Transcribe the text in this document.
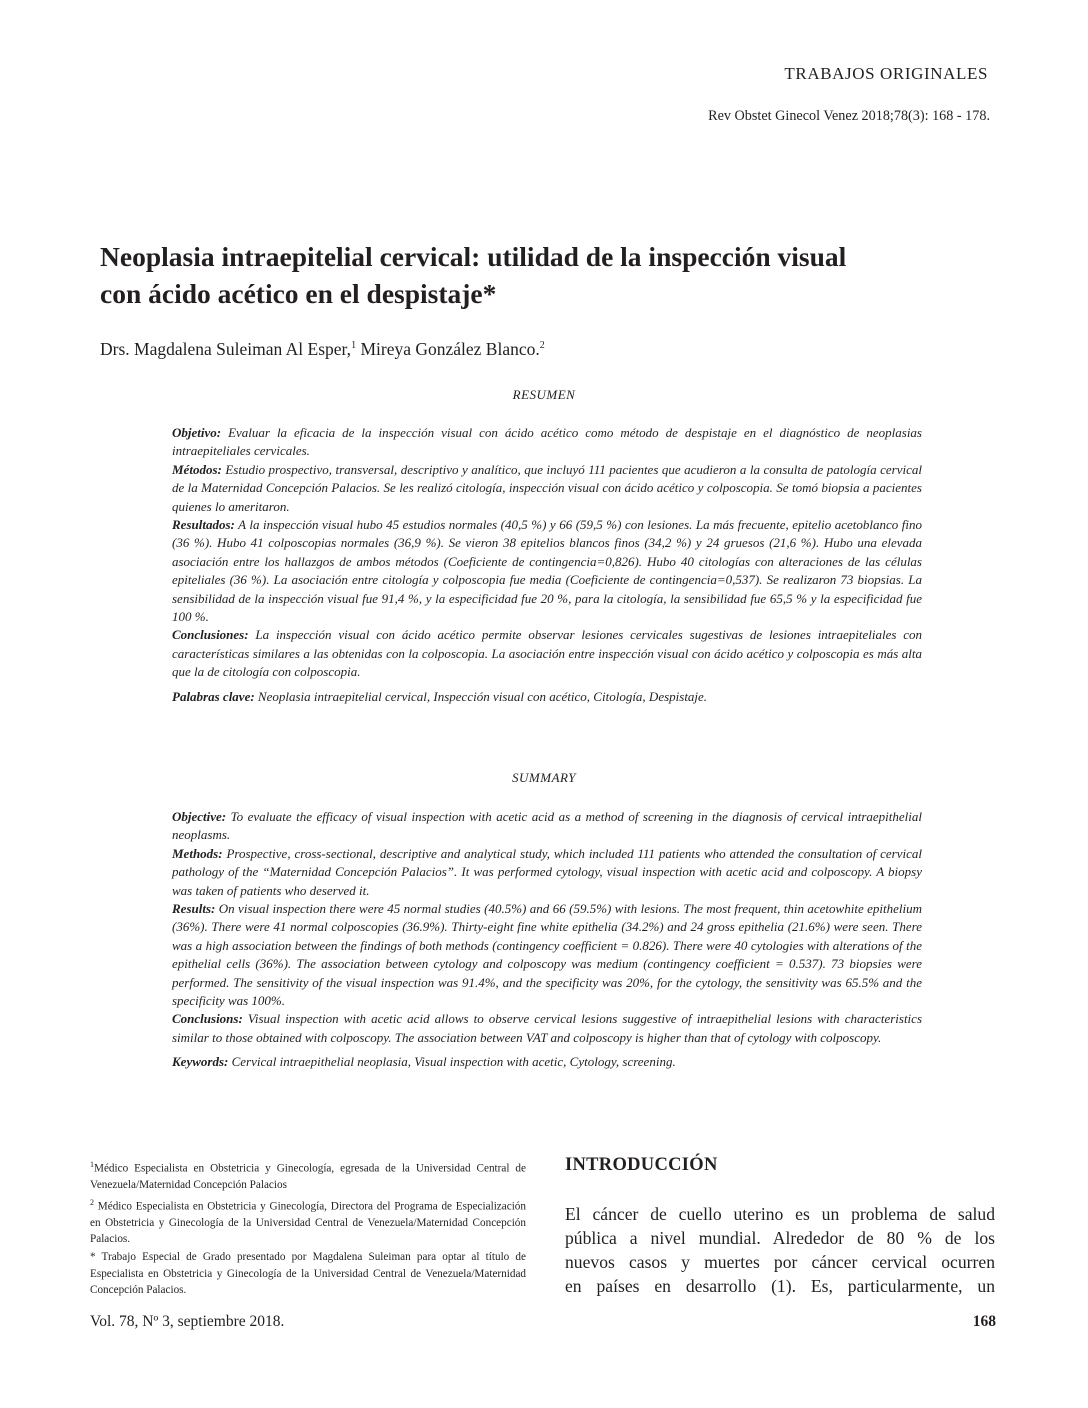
TRABAJOS ORIGINALES
Rev Obstet Ginecol Venez 2018;78(3): 168 - 178.
Neoplasia intraepitelial cervical: utilidad de la inspección visual
con ácido acético en el despistaje*
Drs. Magdalena Suleiman Al Esper,$^1$ Mireya González Blanco.$^2$
RESUMEN

Objetivo: Evaluar la eficacia de la inspección visual con ácido acético como método de despistaje en el diagnóstico de neoplasias intraepiteliales cervicales.

Métodos: Estudio prospectivo, transversal, descriptivo y analítico, que incluyó 111 pacientes que acudieron a la consulta de patología cervical de la Maternidad Concepción Palacios. Se les realizó citología, inspección visual con ácido acético y colposcopia. Se tomó biopsia a pacientes quienes lo ameritaron.

Resultados: A la inspección visual hubo 45 estudios normales (40,5 %) y 66 (59,5 %) con lesiones. La más frecuente, epitelio acetoblanco fino (36 %). Hubo 41 colposcopias normales (36,9 %). Se vieron 38 epitelios blancos finos (34,2 %) y 24 gruesos (21,6 %). Hubo una elevada asociación entre los hallazgos de ambos métodos (Coeficiente de contingencia=0,826). Hubo 40 citologías con alteraciones de las células epiteliales (36 %). La asociación entre citología y colposcopia fue media (Coeficiente de contingencia=0,537). Se realizaron 73 biopsias. La sensibilidad de la inspección visual fue 91,4 %, y la especificidad fue 20 %, para la citología, la sensibilidad fue 65,5 % y la especificidad fue 100 %.

Conclusiones: La inspección visual con ácido acético permite observar lesiones cervicales sugestivas de lesiones intraepiteliales con características similares a las obtenidas con la colposcopia. La asociación entre inspección visual con ácido acético y colposcopia es más alta que la de citología con colposcopia.

Palabras clave: Neoplasia intraepitelial cervical, Inspección visual con acético, Citología, Despistaje.

SUMMARY

Objective: To evaluate the efficacy of visual inspection with acetic acid as a method of screening in the diagnosis of cervical intraepithelial neoplasms.

Methods: Prospective, cross-sectional, descriptive and analytical study, which included 111 patients who attended the consultation of cervical pathology of the “Maternidad Concepción Palacios”. It was performed cytology, visual inspection with acetic acid and colposcopy. A biopsy was taken of patients who deserved it.

Results: On visual inspection there were 45 normal studies (40.5%) and 66 (59.5%) with lesions. The most frequent, thin acetowhite epithelium (36%). There were 41 normal colposcopies (36.9%). Thirty-eight fine white epithelia (34.2%) and 24 gross epithelia (21.6%) were seen. There was a high association between the findings of both methods (contingency coefficient = 0.826). There were 40 cytologies with alterations of the epithelial cells (36%). The association between cytology and colposcopy was medium (contingency coefficient = 0.537). 73 biopsies were performed. The sensitivity of the visual inspection was 91.4%, and the specificity was 20%, for the cytology, the sensitivity was 65.5% and the specificity was 100%.

Conclusions: Visual inspection with acetic acid allows to observe cervical lesions suggestive of intraepithelial lesions with characteristics similar to those obtained with colposcopy. The association between VAT and colposcopy is higher than that of cytology with colposcopy.

Keywords: Cervical intraepithelial neoplasia, Visual inspection with acetic, Cytology, screening.

$^1$Médico Especialista en Obstetricia y Ginecología, egresada de la Universidad Central de Venezuela/Maternidad Concepción Palacios

$^2$ Médico Especialista en Obstetricia y Ginecología, Directora del Programa de Especialización en Obstetricia y Ginecología de la Universidad Central de Venezuela/Maternidad Concepción Palacios.

* Trabajo Especial de Grado presentado por Magdalena Suleiman para optar al título de Especialista en Obstetricia y Ginecología de la Universidad Central de Venezuela/Maternidad Concepción Palacios.

INTRODUCCIÓN
El cáncer de cuello uterino es un problema de salud
pública a nivel mundial. Alrededor de 80 % de los
nuevos casos y muertes por cáncer cervical ocurren
en países en desarrollo (1). Es, particularmente, un
Vol. 78, Nº 3, septiembre 2018.	168
